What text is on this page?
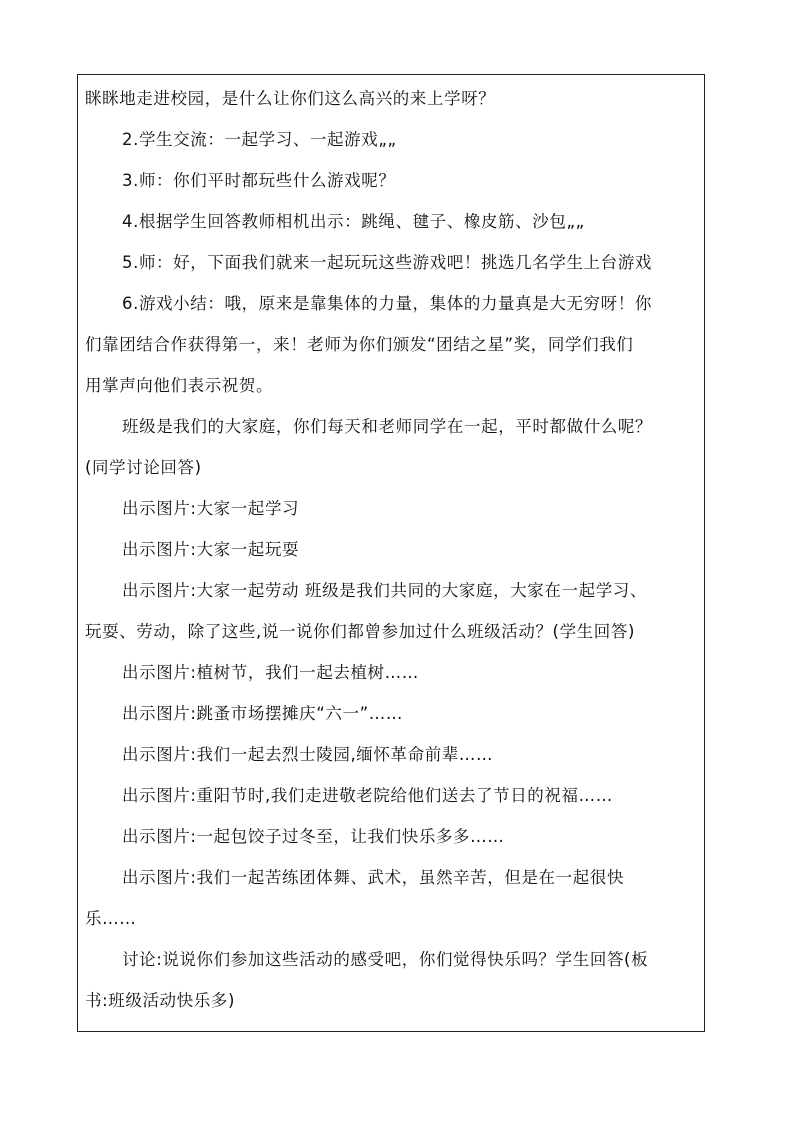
眯眯地走进校园，是什么让你们这么高兴的来上学呀？
2.学生交流：一起学习、一起游戏„„
3.师：你们平时都玩些什么游戏呢？
4.根据学生回答教师相机出示：跳绳、毽子、橡皮筋、沙包„„
5.师：好，下面我们就来一起玩玩这些游戏吧！挑选几名学生上台游戏
6.游戏小结：哦，原来是靠集体的力量，集体的力量真是大无穷呀！你
们靠团结合作获得第一，来！老师为你们颁发“团结之星”奖，同学们我们
用掌声向他们表示祝贺。
班级是我们的大家庭，你们每天和老师同学在一起，平时都做什么呢？
(同学讨论回答)
出示图片:大家一起学习
出示图片:大家一起玩耍
出示图片:大家一起劳动 班级是我们共同的大家庭，大家在一起学习、
玩耍、劳动，除了这些,说一说你们都曾参加过什么班级活动？(学生回答)
出示图片:植树节，我们一起去植树……
出示图片:跳蚤市场摆摊庆“六一”……
出示图片:我们一起去烈士陵园,缅怀革命前辈……
出示图片:重阳节时,我们走进敬老院给他们送去了节日的祝福……
出示图片:一起包饺子过冬至，让我们快乐多多……
出示图片:我们一起苦练团体舞、武术，虽然辛苦，但是在一起很快
乐……
讨论:说说你们参加这些活动的感受吧，你们觉得快乐吗？学生回答(板
书:班级活动快乐多)
